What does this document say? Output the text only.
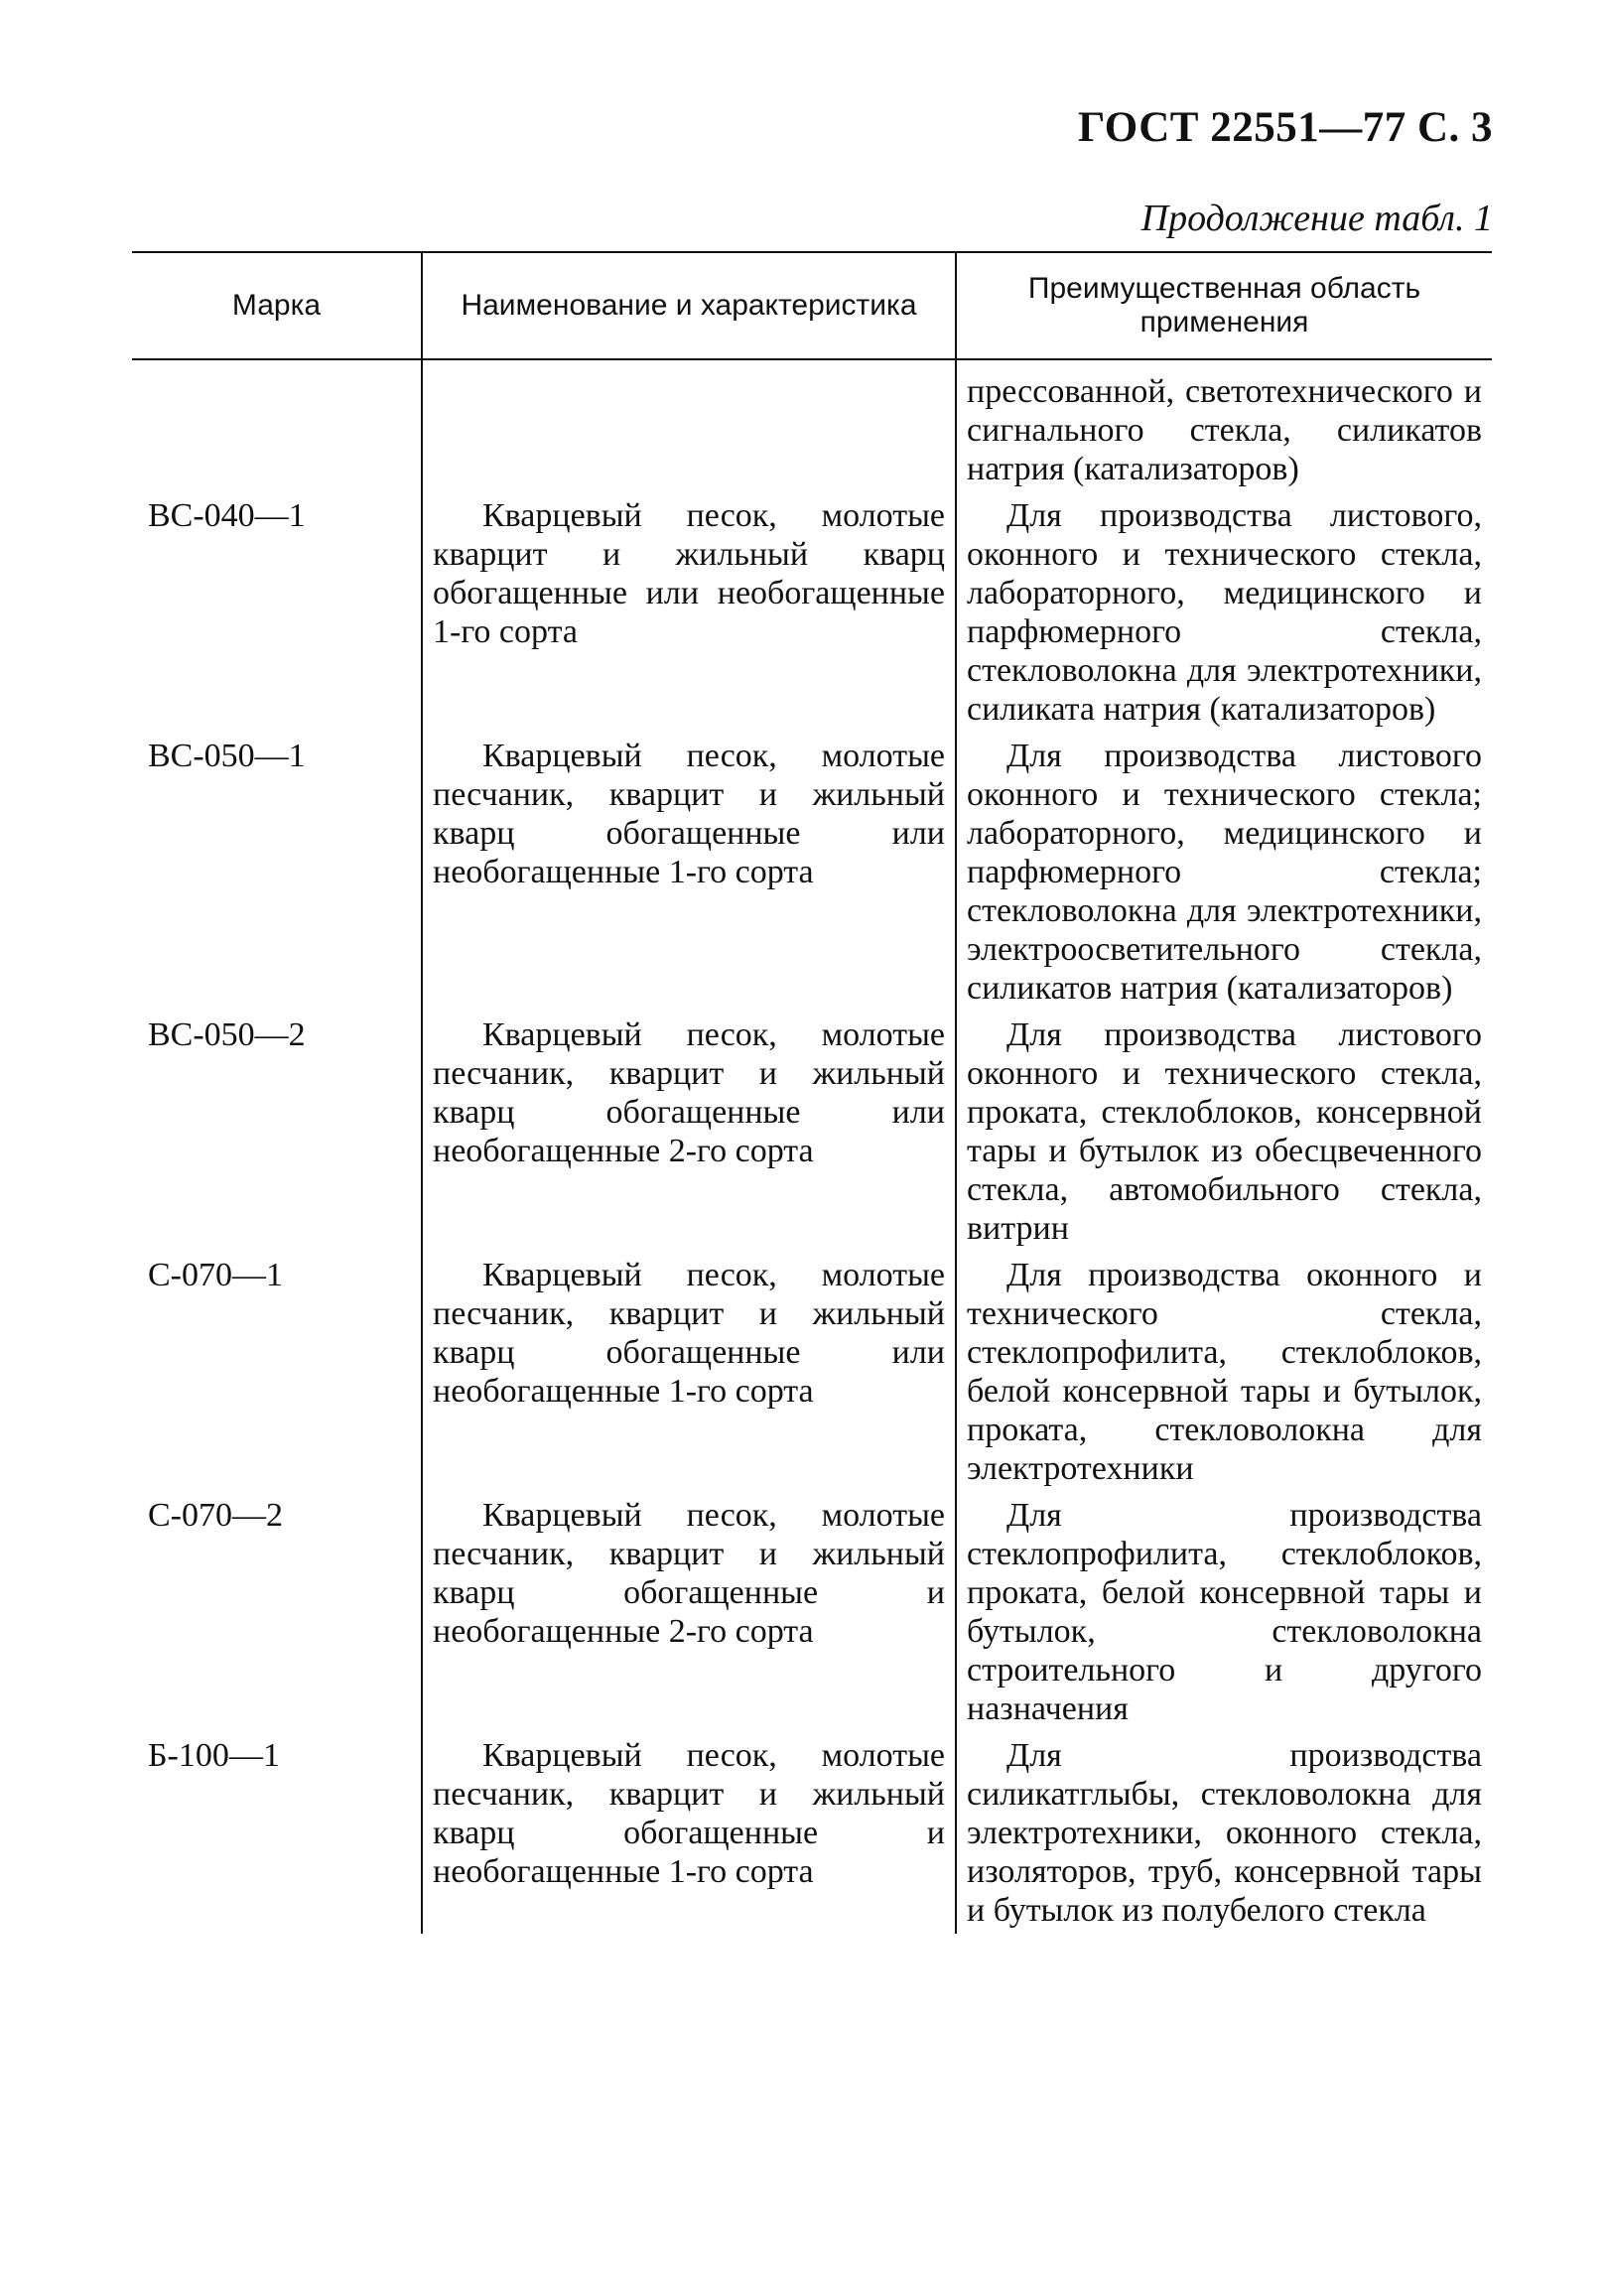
ГОСТ 22551—77 С. 3
Продолжение табл. 1
Марка	Наименование и характеристика	Преимущественная область применения
		прессованной, светотехнического и сигнального стекла, силикатов натрия (катализаторов)
ВС-040—1	Кварцевый песок, молотые кварцит и жильный кварц обогащенные или необогащенные 1-го сорта	Для производства листового, оконного и технического стекла, лабораторного, медицинского и парфюмерного стекла, стекловолокна для электротехники, силиката натрия (катализаторов)
ВС-050—1	Кварцевый песок, молотые песчаник, кварцит и жильный кварц обогащенные или необогащенные 1-го сорта	Для производства листового оконного и технического стекла; лабораторного, медицинского и парфюмерного стекла; стекловолокна для электротехники, электроосветительного стекла, силикатов натрия (катализаторов)
ВС-050—2	Кварцевый песок, молотые песчаник, кварцит и жильный кварц обогащенные или необогащенные 2-го сорта	Для производства листового оконного и технического стекла, проката, стеклоблоков, консервной тары и бутылок из обесцвеченного стекла, автомобильного стекла, витрин
С-070—1	Кварцевый песок, молотые песчаник, кварцит и жильный кварц обогащенные или необогащенные 1-го сорта	Для производства оконного и технического стекла, стеклопрофилита, стеклоблоков, белой консервной тары и бутылок, проката, стекловолокна для электротехники
С-070—2	Кварцевый песок, молотые песчаник, кварцит и жильный кварц обогащенные и необогащенные 2-го сорта	Для производства стеклопрофилита, стеклоблоков, проката, белой консервной тары и бутылок, стекловолокна строительного и другого назначения
Б-100—1	Кварцевый песок, молотые песчаник, кварцит и жильный кварц обогащенные и необогащенные 1-го сорта	Для производства силикатглыбы, стекловолокна для электротехники, оконного стекла, изоляторов, труб, консервной тары и бутылок из полубелого стекла
